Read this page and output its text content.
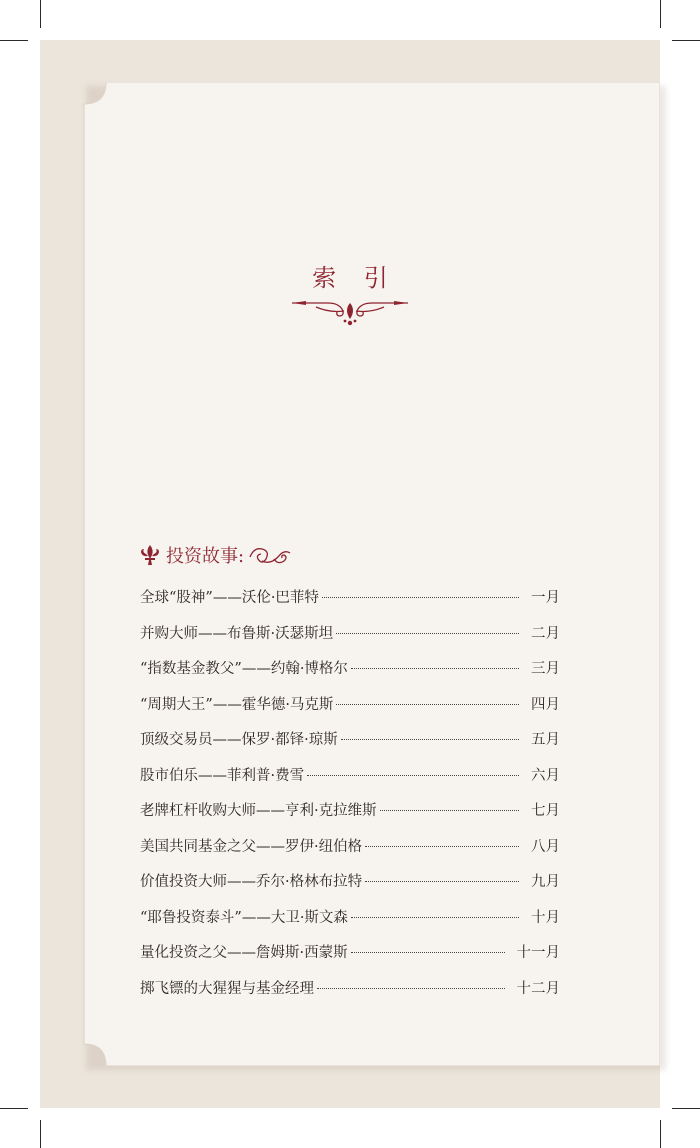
索 引
投资故事:
全球“股神”——沃伦·巴菲特	一月
并购大师——布鲁斯·沃瑟斯坦	二月
“指数基金教父”——约翰·博格尔	三月
“周期大王”——霍华德·马克斯	四月
顶级交易员——保罗·都铎·琼斯	五月
股市伯乐——菲利普·费雪	六月
老牌杠杆收购大师——亨利·克拉维斯	七月
美国共同基金之父——罗伊·纽伯格	八月
价值投资大师——乔尔·格林布拉特	九月
“耶鲁投资泰斗”——大卫·斯文森	十月
量化投资之父——詹姆斯·西蒙斯	十一月
掷飞镖的大猩猩与基金经理	十二月
